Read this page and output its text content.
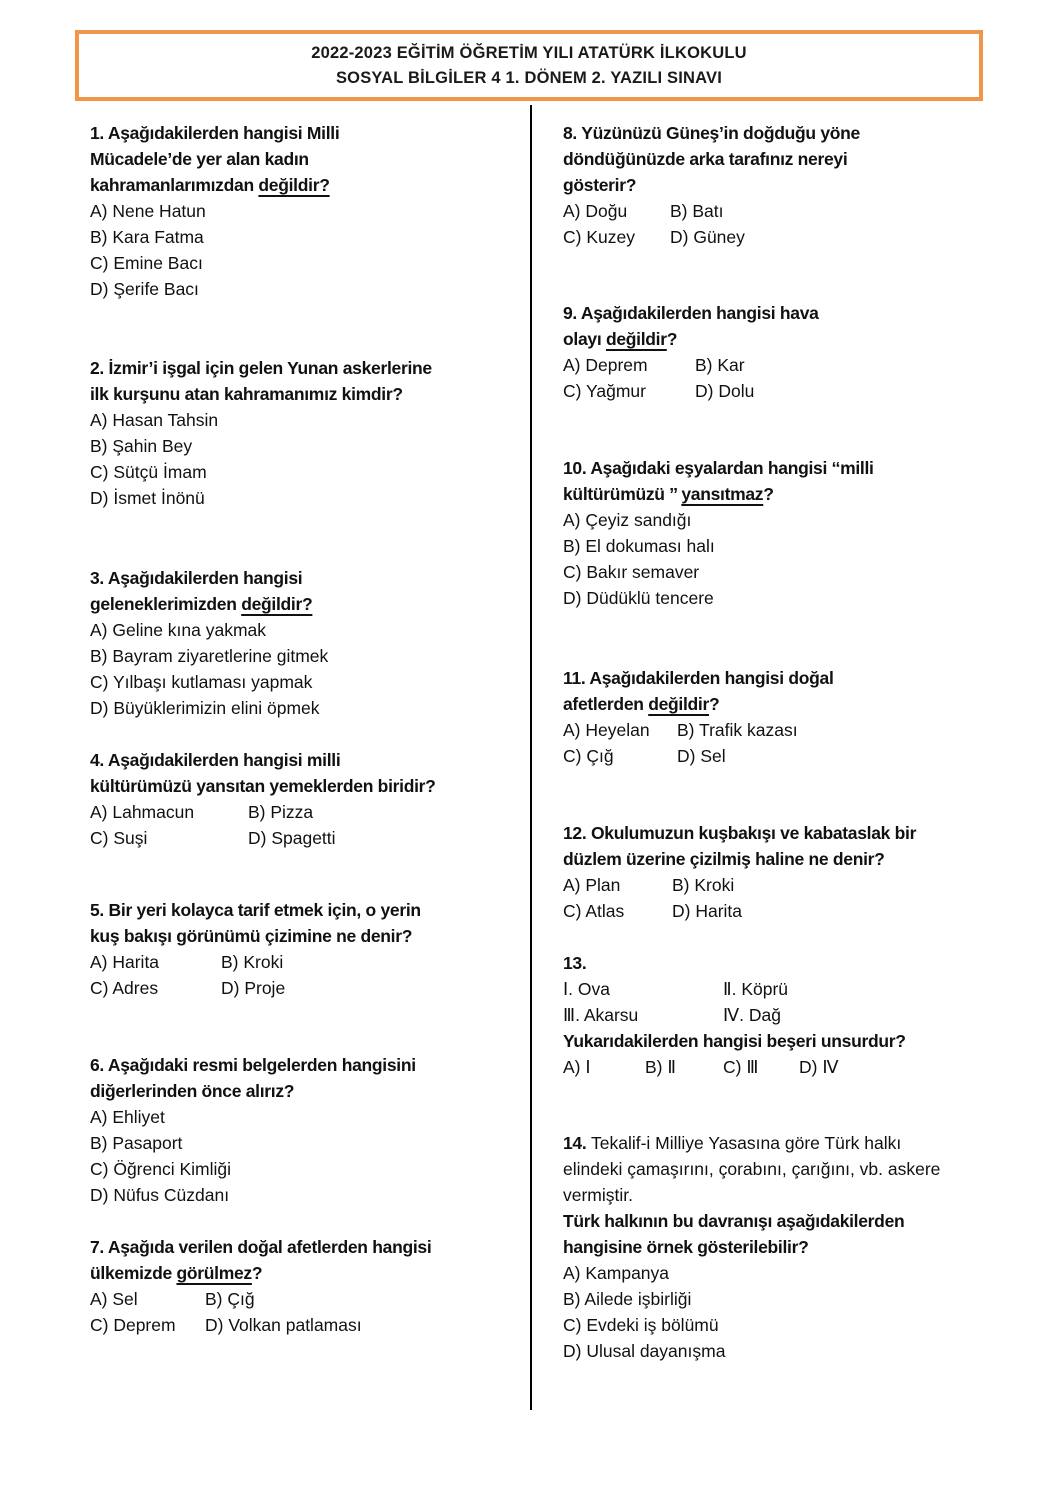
2022-2023 EĞİTİM ÖĞRETİM YILI ATATÜRK İLKOKULU
SOSYAL BİLGİLER 4 1. DÖNEM 2. YAZILI SINAVI
1. Aşağıdakilerden hangisi Milli
Mücadele’de yer alan kadın
kahramanlarımızdan değildir?
A) Nene Hatun
B) Kara Fatma
C) Emine Bacı
D) Şerife Bacı
2. İzmir’i işgal için gelen Yunan askerlerine
ilk kurşunu atan kahramanımız kimdir?
A) Hasan Tahsin
B) Şahin Bey
C) Sütçü İmam
D) İsmet İnönü
3. Aşağıdakilerden hangisi
geleneklerimizden değildir?
A) Geline kına yakmak
B) Bayram ziyaretlerine gitmek
C) Yılbaşı kutlaması yapmak
D) Büyüklerimizin elini öpmek
4. Aşağıdakilerden hangisi milli
kültürümüzü yansıtan yemeklerden biridir?
A) Lahmacun	B) Pizza
C) Suşi	D) Spagetti
5. Bir yeri kolayca tarif etmek için, o yerin
kuş bakışı görünümü çizimine ne denir?
A) Harita	B) Kroki
C) Adres	D) Proje
6. Aşağıdaki resmi belgelerden hangisini
diğerlerinden önce alırız?
A) Ehliyet
B) Pasaport
C) Öğrenci Kimliği
D) Nüfus Cüzdanı
7. Aşağıda verilen doğal afetlerden hangisi
ülkemizde görülmez?
A) Sel	B) Çığ
C) Deprem	D) Volkan patlaması
8. Yüzünüzü Güneş’in doğduğu yöne
döndüğünüzde arka tarafınız nereyi
gösterir?
A) Doğu	B) Batı
C) Kuzey	D) Güney
9. Aşağıdakilerden hangisi hava
olayı değildir?
A) Deprem	B) Kar
C) Yağmur	D) Dolu
10. Aşağıdaki eşyalardan hangisi ‘‘milli
kültürümüzü ’’ yansıtmaz?
A) Çeyiz sandığı
B) El dokuması halı
C) Bakır semaver
D) Düdüklü tencere
11. Aşağıdakilerden hangisi doğal
afetlerden değildir?
A) Heyelan	B) Trafik kazası
C) Çığ	D) Sel
12. Okulumuzun kuşbakışı ve kabataslak bir
düzlem üzerine çizilmiş haline ne denir?
A) Plan	B) Kroki
C) Atlas	D) Harita
13.
Ⅰ. Ova	Ⅱ. Köprü
Ⅲ. Akarsu	Ⅳ. Dağ
Yukarıdakilerden hangisi beşeri unsurdur?
A) Ⅰ	B) Ⅱ	C) Ⅲ	D) Ⅳ
14. Tekalif-i Milliye Yasasına göre Türk halkı
elindeki çamaşırını, çorabını, çarığını, vb. askere
vermiştir.
Türk halkının bu davranışı aşağıdakilerden
hangisine örnek gösterilebilir?
A) Kampanya
B) Ailede işbirliği
C) Evdeki iş bölümü
D) Ulusal dayanışma
